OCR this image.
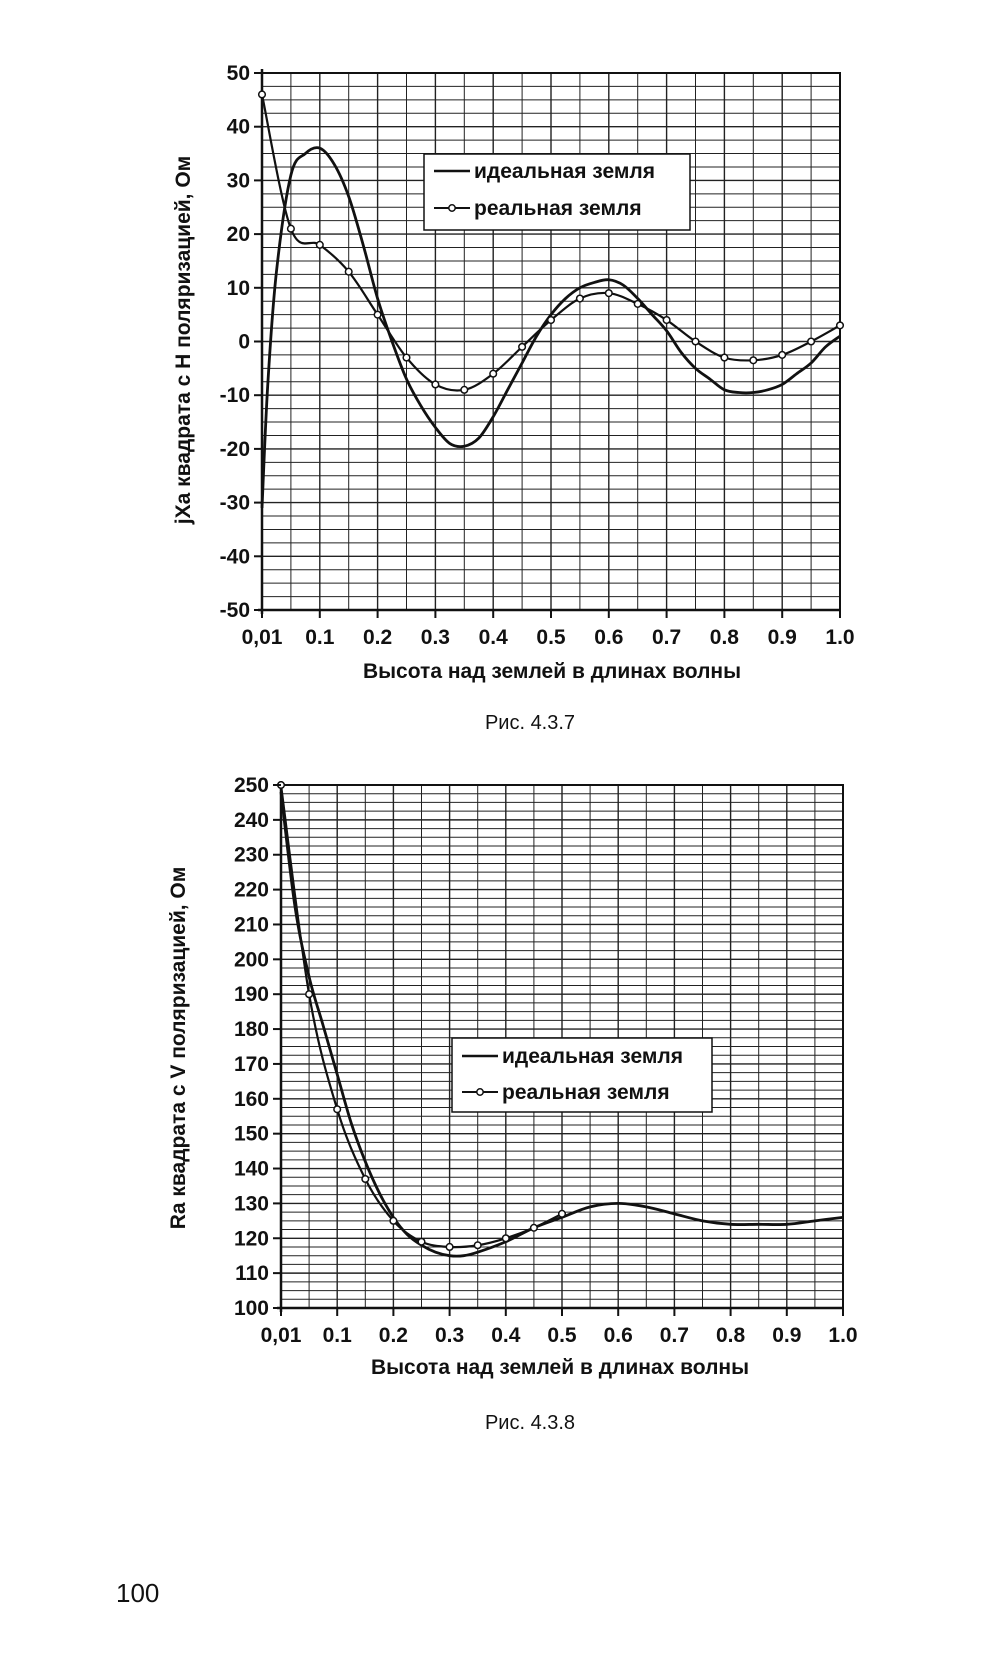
50
40
30
20
10
0
-10
-20
-30
-40
-50
0,01 0.1 0.2 0.3 0.4 0.5 0.6 0.7 0.8 0.9 1.0
Высота над землей в длинах волны
jXa квадрата с H поляризацией, Ом	идеальная земля
реальная земля
Рис. 4.3.7
250
240
230
220
210
200
190
180
170
160
150
140
130
120
110
100
0,01 0.1 0.2 0.3 0.4 0.5 0.6 0.7 0.8 0.9 1.0
Высота над землей в длинах волны
Ra квадрата с V поляризацией, Ом	идеальная земля
реальная земля
Рис. 4.3.8
100
